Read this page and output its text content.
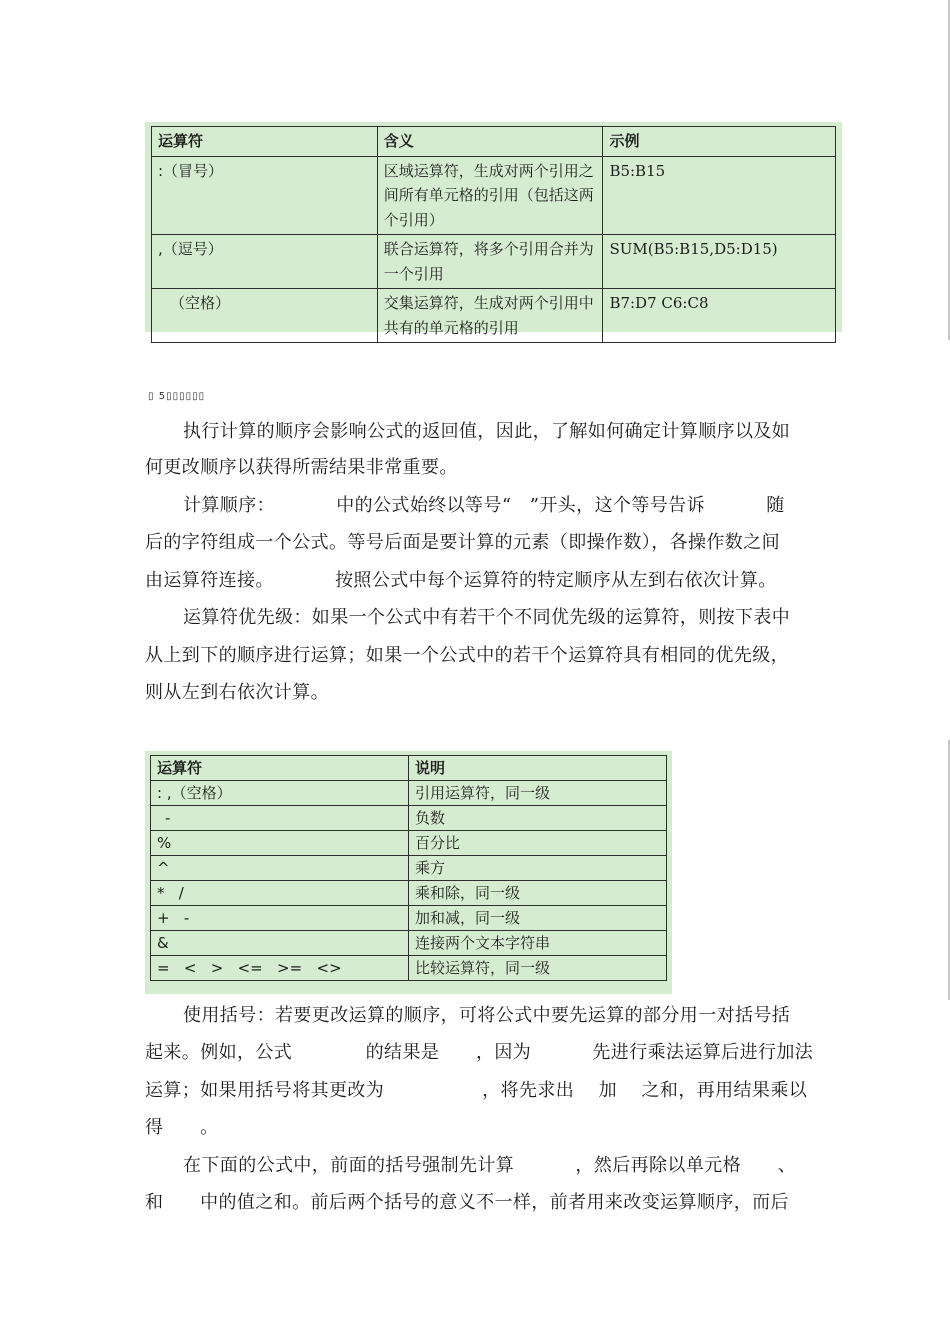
运算符	含义	示例
:（冒号）	区域运算符，生成对两个引用之间所有单元格的引用（包括这两个引用）	B5:B15
,（逗号）	联合运算符，将多个引用合并为一个引用	SUM(B5:B15,D5:D15)
（空格）	交集运算符，生成对两个引用中共有的单元格的引用	B7:D7 C6:C8
▯ 5▯▯▯▯▯▯
执行计算的顺序会影响公式的返回值，因此，了解如何确定计算顺序以及如
何更改顺序以获得所需结果非常重要。
计算顺序：          中的公式始终以等号“   ”开头，这个等号告诉          随
后的字符组成一个公式。等号后面是要计算的元素（即操作数），各操作数之间
由运算符连接。          按照公式中每个运算符的特定顺序从左到右依次计算。
运算符优先级：如果一个公式中有若干个不同优先级的运算符，则按下表中
从上到下的顺序进行运算；如果一个公式中的若干个运算符具有相同的优先级，
则从左到右依次计算。
运算符	说明
: ,（空格）	引用运算符，同一级
-	负数
%	百分比
^	乘方
*   /	乘和除，同一级
+   -	加和减，同一级
&	连接两个文本字符串
=   <   >   <=   >=   <>	比较运算符，同一级
使用括号：若要更改运算的顺序，可将公式中要先运算的部分用一对括号括
起来。例如，公式            的结果是      ，因为          先进行乘法运算后进行加法
运算；如果用括号将其更改为                ，将先求出    加    之和，再用结果乘以
得      。
在下面的公式中，前面的括号强制先计算          ，然后再除以单元格      、
和      中的值之和。前后两个括号的意义不一样，前者用来改变运算顺序，而后
